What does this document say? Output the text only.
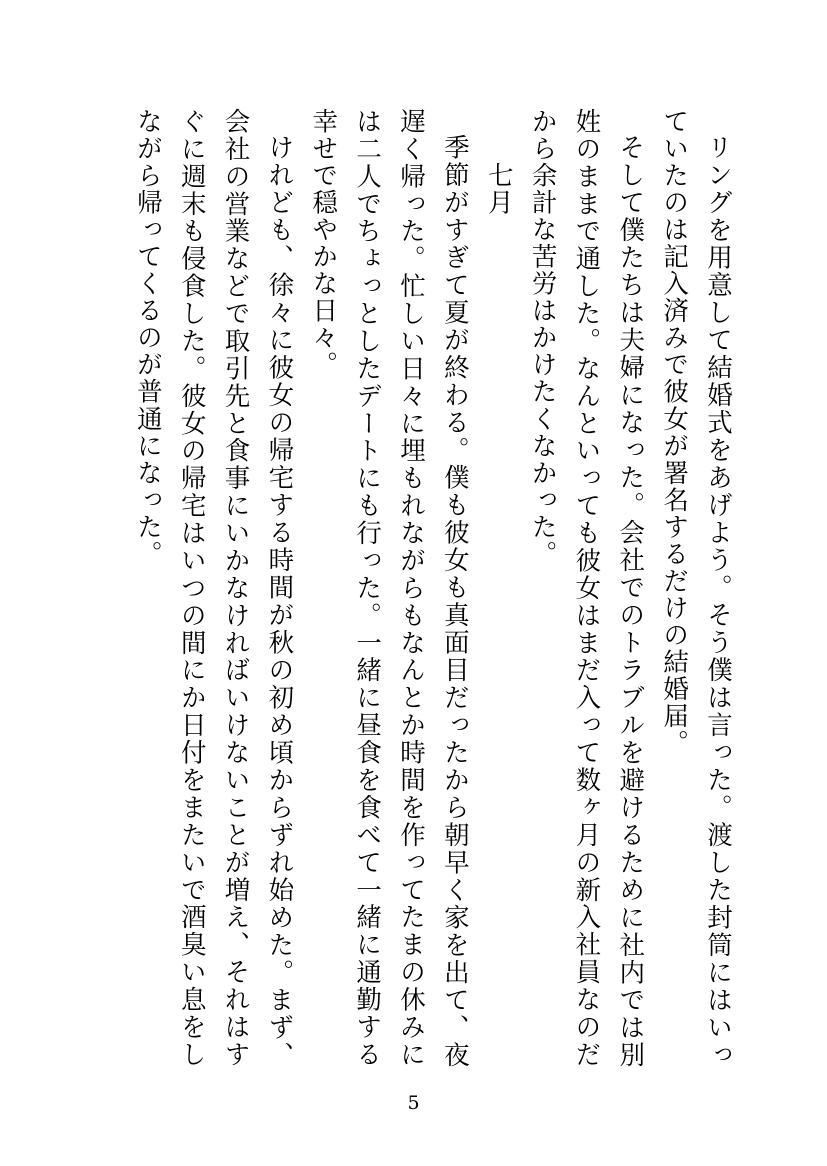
リングを用意して結婚式をあげよう。そう僕は言った。渡した封筒にはいっていたのは記入済みで彼女が署名するだけの結婚届。

そして僕たちは夫婦になった。会社でのトラブルを避けるために社内では別姓のままで通した。なんといっても彼女はまだ入って数ヶ月の新入社員なのだから余計な苦労はかけたくなかった。

七月

季節がすぎて夏が終わる。僕も彼女も真面目だったから朝早く家を出て、夜遅く帰った。忙しい日々に埋もれながらもなんとか時間を作ってたまの休みには二人でちょっとしたデートにも行った。一緒に昼食を食べて一緒に通勤する幸せで穏やかな日々。

けれども、徐々に彼女の帰宅する時間が秋の初め頃からずれ始めた。まず、会社の営業などで取引先と食事にいかなければいけないことが増え、それはすぐに週末も侵食した。彼女の帰宅はいつの間にか日付をまたいで酒臭い息をしながら帰ってくるのが普通になった。

5
